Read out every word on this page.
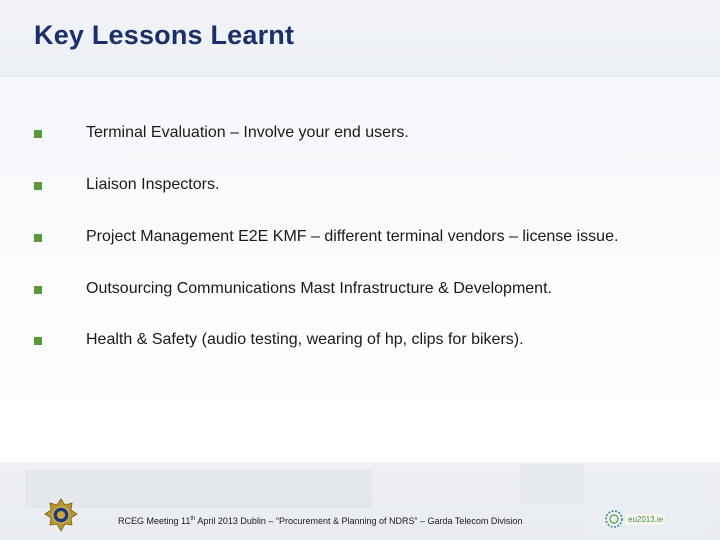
Key Lessons Learnt
Terminal Evaluation – Involve your end users.
Liaison Inspectors.
Project Management E2E KMF – different terminal vendors – license issue.
Outsourcing Communications Mast Infrastructure & Development.
Health & Safety (audio testing, wearing of hp, clips for bikers).
RCEG Meeting 11th April 2013 Dublin – “Procurement & Planning of NDRS” – Garda Telecom Division	eu2013.ie
